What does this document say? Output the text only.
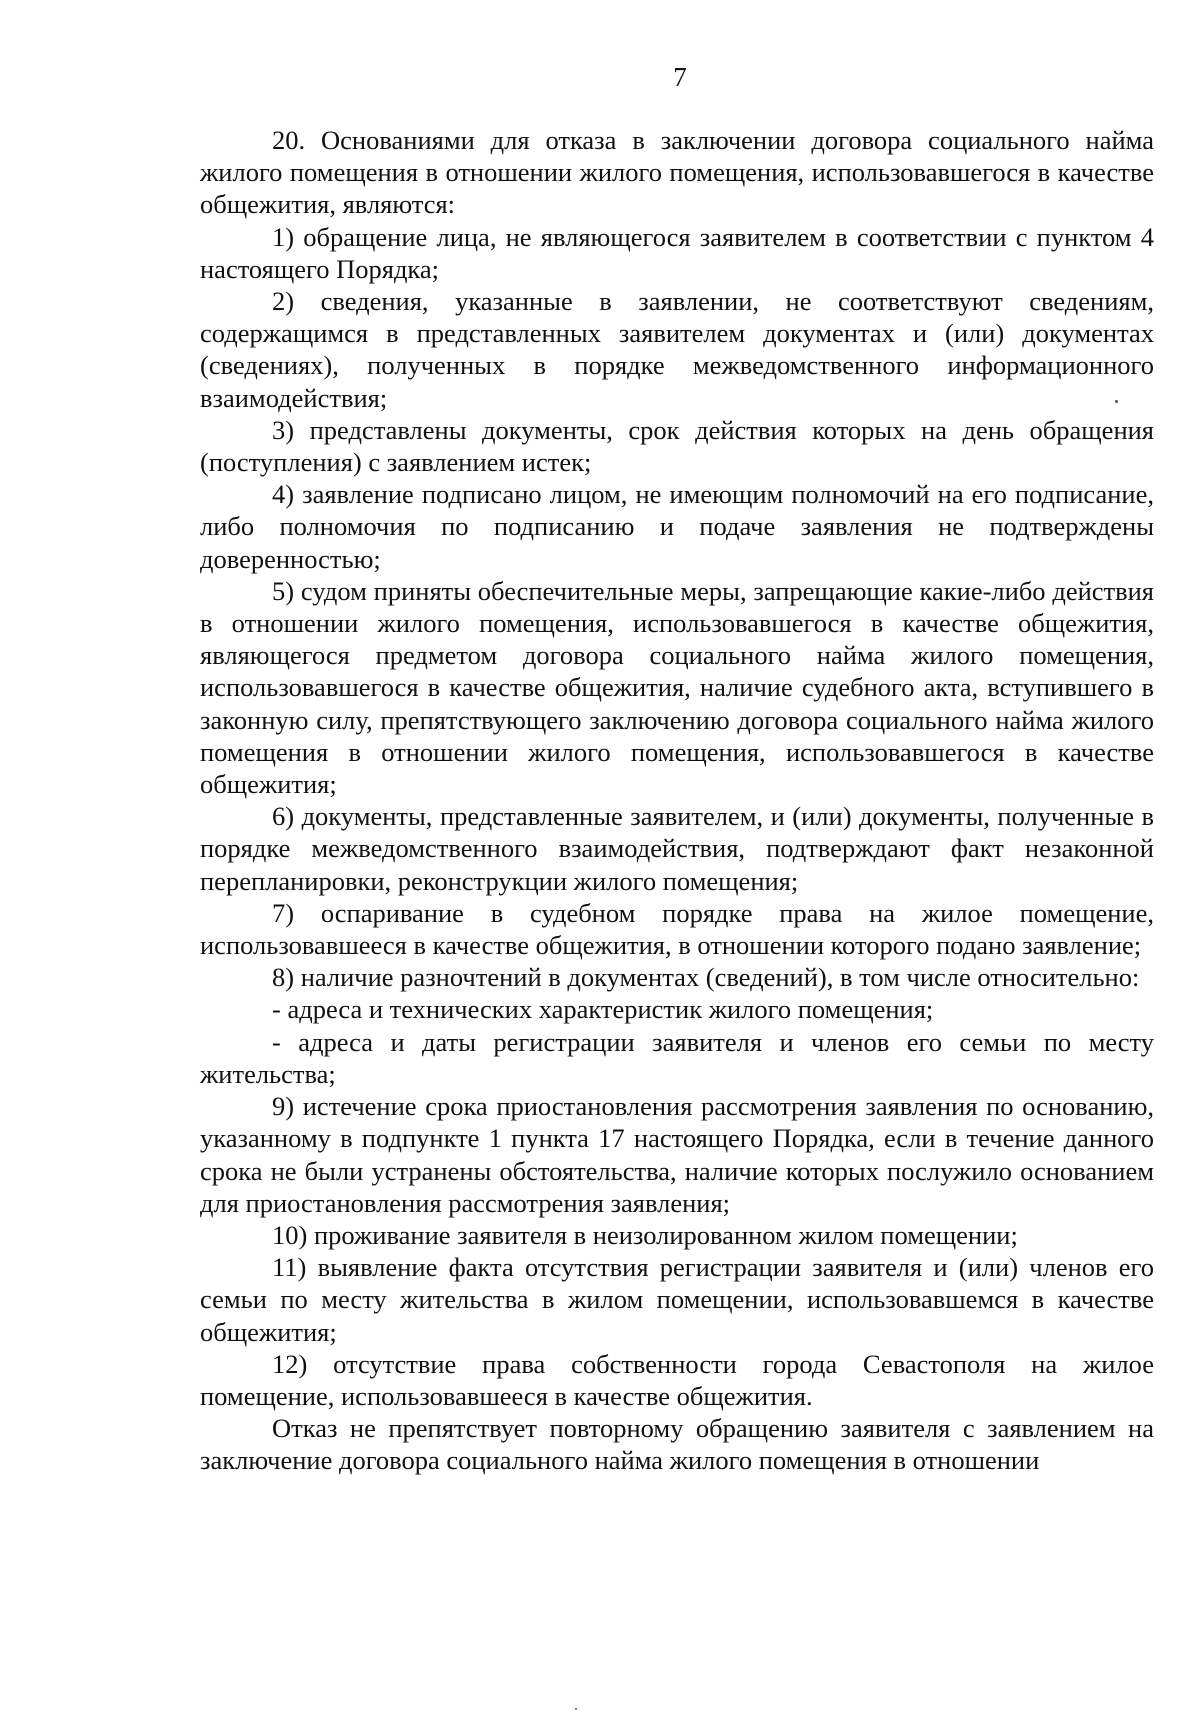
7

20. Основаниями для отказа в заключении договора социального найма жилого помещения в отношении жилого помещения, использовавшегося в качестве общежития, являются:

1) обращение лица, не являющегося заявителем в соответствии с пунктом 4 настоящего Порядка;

2) сведения, указанные в заявлении, не соответствуют сведениям, содержащимся в представленных заявителем документах и (или) документах (сведениях), полученных в порядке межведомственного информационного взаимодействия;

3) представлены документы, срок действия которых на день обращения (поступления) с заявлением истек;

4) заявление подписано лицом, не имеющим полномочий на его подписание, либо полномочия по подписанию и подаче заявления не подтверждены доверенностью;

5) судом приняты обеспечительные меры, запрещающие какие-либо действия в отношении жилого помещения, использовавшегося в качестве общежития, являющегося предметом договора социального найма жилого помещения, использовавшегося в качестве общежития, наличие судебного акта, вступившего в законную силу, препятствующего заключению договора социального найма жилого помещения в отношении жилого помещения, использовавшегося в качестве общежития;

6) документы, представленные заявителем, и (или) документы, полученные в порядке межведомственного взаимодействия, подтверждают факт незаконной перепланировки, реконструкции жилого помещения;

7) оспаривание в судебном порядке права на жилое помещение, использовавшееся в качестве общежития, в отношении которого подано заявление;

8) наличие разночтений в документах (сведений), в том числе относительно:

- адреса и технических характеристик жилого помещения;

- адреса и даты регистрации заявителя и членов его семьи по месту жительства;

9) истечение срока приостановления рассмотрения заявления по основанию, указанному в подпункте 1 пункта 17 настоящего Порядка, если в течение данного срока не были устранены обстоятельства, наличие которых послужило основанием для приостановления рассмотрения заявления;

10) проживание заявителя в неизолированном жилом помещении;

11) выявление факта отсутствия регистрации заявителя и (или) членов его семьи по месту жительства в жилом помещении, использовавшемся в качестве общежития;

12) отсутствие права собственности города Севастополя на жилое помещение, использовавшееся в качестве общежития.

Отказ не препятствует повторному обращению заявителя с заявлением на заключение договора социального найма жилого помещения в отношении
